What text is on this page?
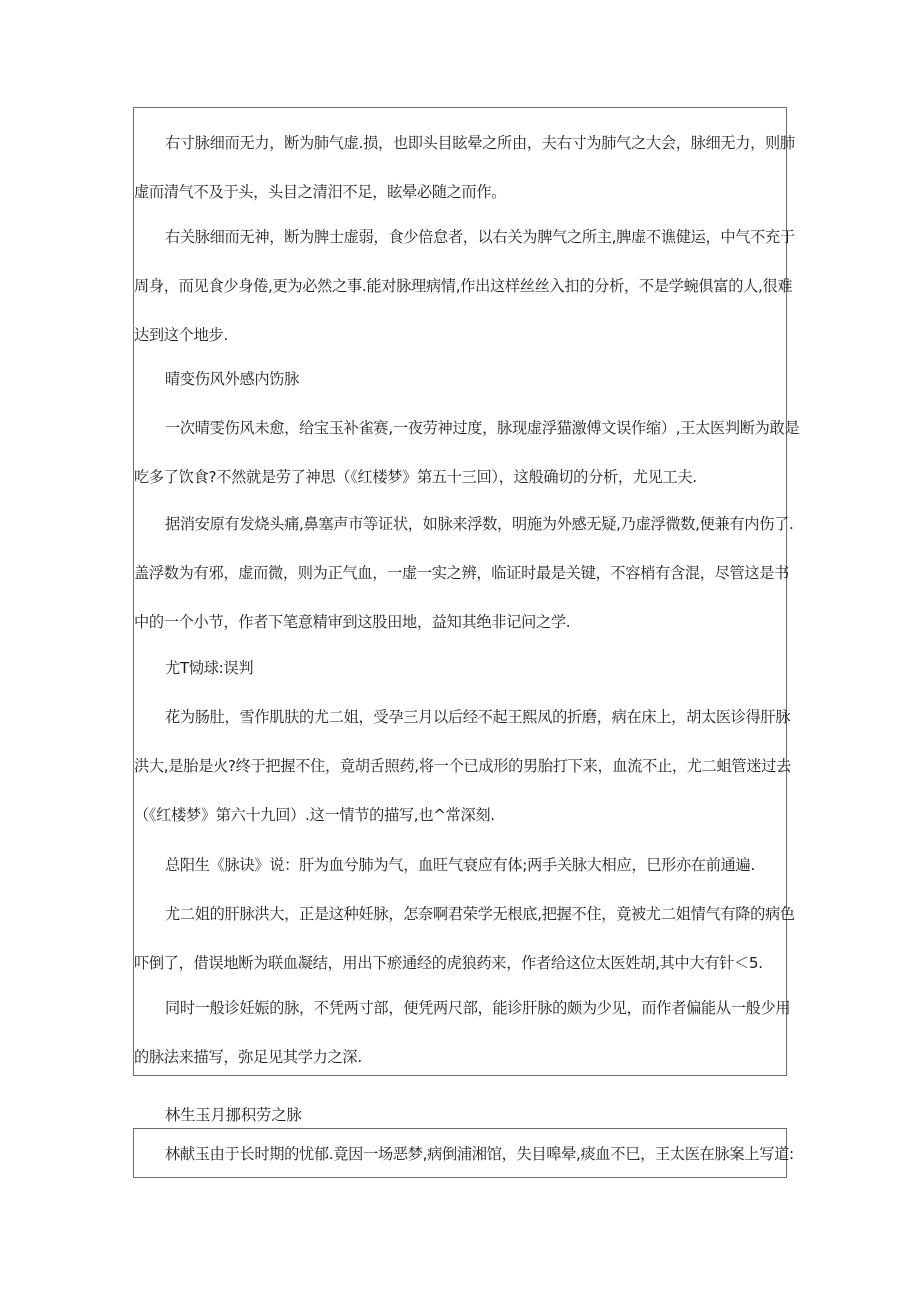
右寸脉细而无力，断为肺气虚.损，也即头目眩晕之所由，夫右寸为肺气之大会，脉细无力，则肺
虚而清气不及于头，头目之清汨不足，眩晕必随之而作。
右关脉细而无神，断为脾士虚弱，食少倍怠者，以右关为脾气之所主,脾虚不谯健运，中气不充于
周身，而见食少身倦,更为必然之事.能对脉理病情,作出这样丝丝入扣的分析，不是学蜿俱富的人,很难
达到这个地步.
晴变伤风外感内饬脉
一次晴雯伤风未愈，给宝玉补雀赛,一夜劳神过度，脉现虚浮猫激傅文误作缩）,王太医判断为敢是
吃多了饮食?不然就是劳了神思（《红楼梦》第五十三回），这般确切的分析，尤见工夫.
据消安原有发烧头痛,鼻塞声市等证状，如脉来浮数，明施为外感无疑,乃虚浮微数,便兼有内伤了.
盖浮数为有邪，虚而微，则为正气血，一虚一实之辨，临证时最是关键，不容梢有含混，尽管这是书
中的一个小节，作者下笔意精审到这股田地，益知其绝非记问之学.
尤T恸球:误判
花为肠肚，雪作肌肤的尤二姐，受孕三月以后经不起王熙凤的折磨，病在床上，胡太医诊得肝脉
洪大,是胎是火?终于把握不住，竟胡舌照药,将一个已成形的男胎打下来，血流不止，尤二蛆管迷过去
（《红楼梦》第六十九回）.这一情节的描写,也^常深刻.
总阳生《脉诀》说：肝为血兮肺为气，血旺气衰应有体;两手关脉大相应，巳形亦在前通遍.
尤二姐的肝脉洪大，正是这种妊脉，怎奈啊君荣学无根底,把握不住，竟被尤二姐情气有降的病色
吓倒了，借误地断为联血凝结，用出下瘀通经的虎狼药来，作者给这位太医姓胡,其中大有针＜5.
同时一般诊妊娠的脉，不凭两寸部，便凭两尺部，能诊肝脉的颇为少见，而作者偏能从一般少用
的脉法来描写，弥足见其学力之深.
林生玉月挪积劳之脉
林献玉由于长时期的忧郁.竟因一场恶梦,病倒浦湘馆，失目嗥晕,痰血不巳，王太医在脉案上写道:
